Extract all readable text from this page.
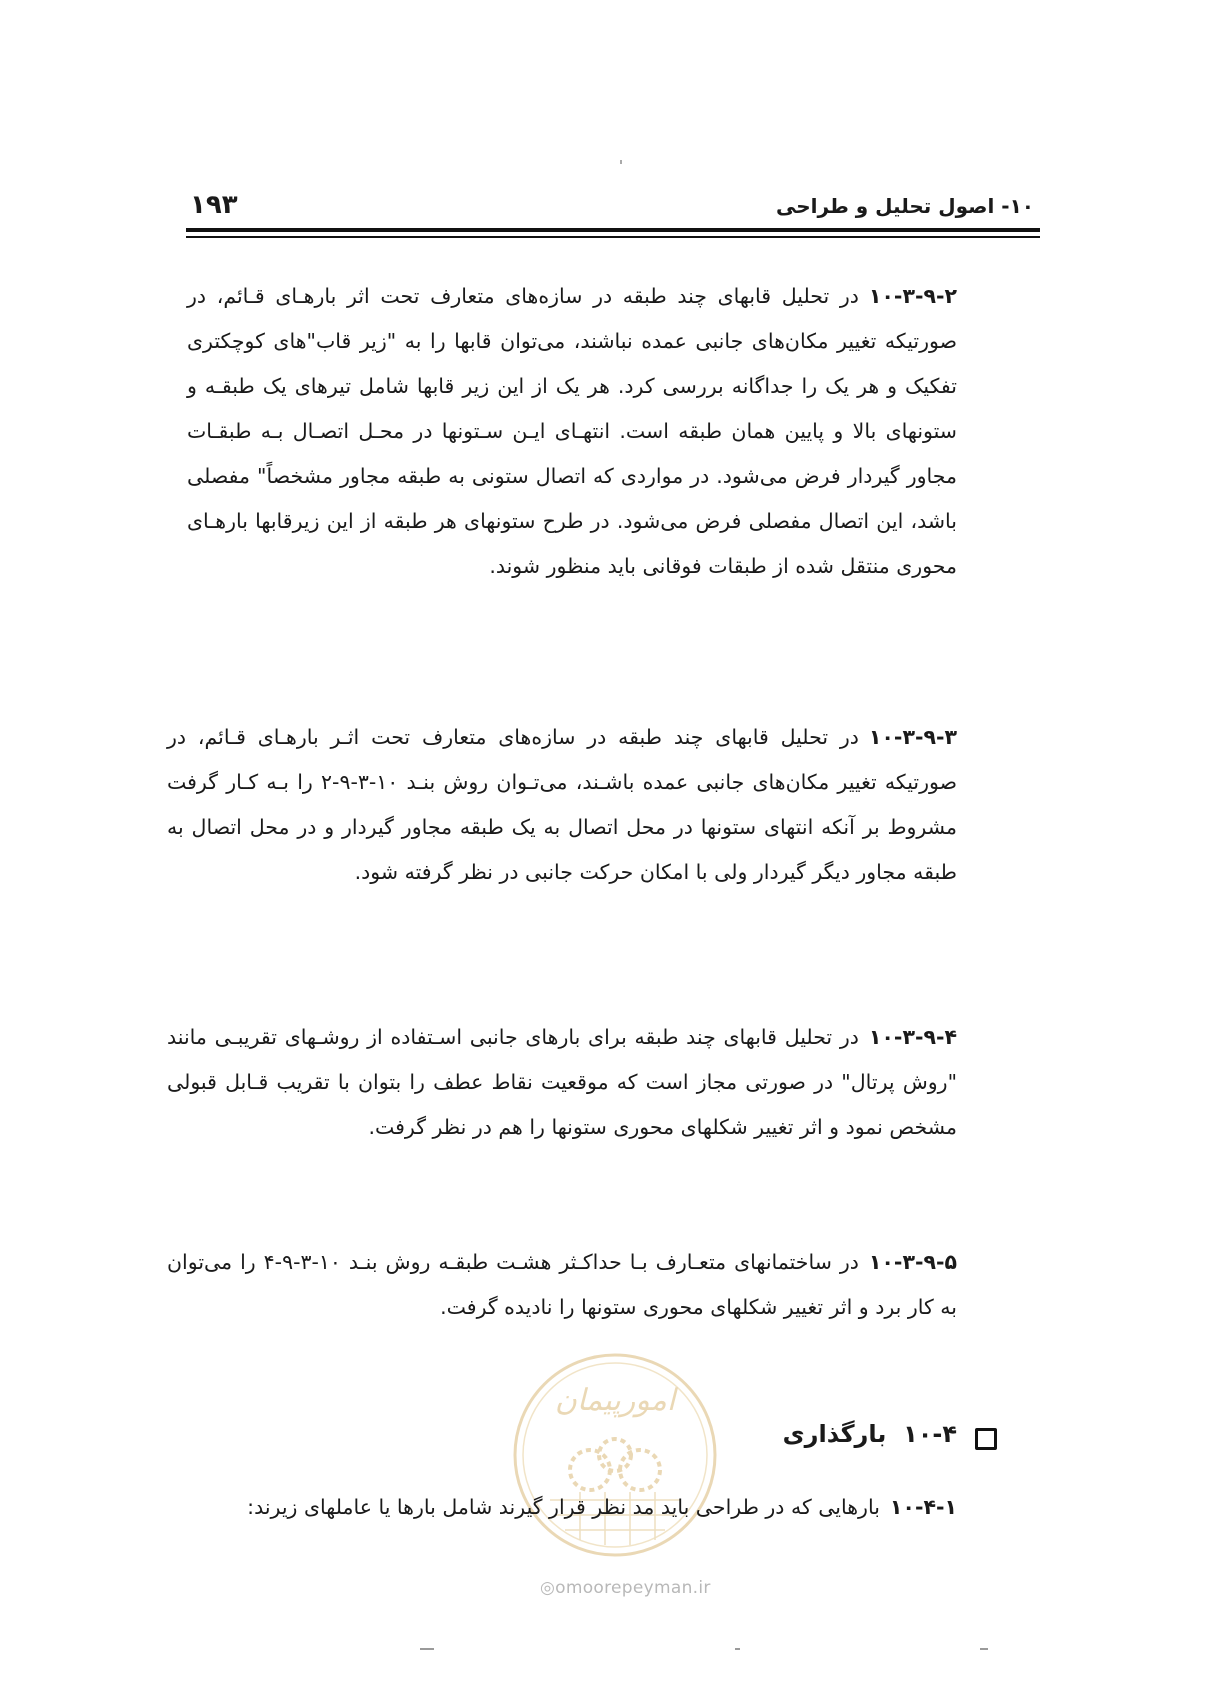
۱۹۳	۱۰- اصول تحلیل و طراحی
۱۰-۳-۹-۲در تحلیل قابهای چند طبقه در سازه‌های متعارف تحت اثر بارهـای قـائم، در صورتیکه تغییر مکان‌های جانبی عمده نباشند، می‌توان قابها را به "زیر قاب"های کوچکتری تفکیک و هر یک را جداگانه بررسی کرد. هر یک از این زیر قابها شامل تیرهای یک طبقـه و ستونهای بالا و پایین همان طبقه است. انتهـای ایـن سـتونها در محـل اتصـال بـه طبقـات مجاور گیردار فرض می‌شود. در مواردی که اتصال ستونی به طبقه مجاور مشخصاً" مفصلی باشد، این اتصال مفصلی فرض می‌شود. در طرح ستونهای هر طبقه از این زیرقابها بارهـای محوری منتقل شده از طبقات فوقانی باید منظور شوند.
۱۰-۳-۹-۳در تحلیل قابهای چند طبقه در سازه‌های متعارف تحت اثـر بارهـای قـائم، در صورتیکه تغییر مکان‌های جانبی عمده باشـند، می‌تـوان روش بنـد ۱۰-۳-۹-۲ را بـه کـار گرفت مشروط بر آنکه انتهای ستونها در محل اتصال به یک طبقه مجاور گیردار و در محل اتصال به طبقه مجاور دیگر گیردار ولی با امکان حرکت جانبی در نظر گرفته شود.
۱۰-۳-۹-۴در تحلیل قابهای چند طبقه برای بارهای جانبی اسـتفاده از روشـهای تقریبـی مانند "روش پرتال" در صورتی مجاز است که موقعیت نقاط عطف را بتوان با تقریب قـابل قبولی مشخص نمود و اثر تغییر شکلهای محوری ستونها را هم در نظر گرفت.
۱۰-۳-۹-۵در ساختمانهای متعـارف بـا حداکـثر هشـت طبقـه روش بنـد ۱۰-۳-۹-۴ را می‌توان به کار برد و اثر تغییر شکلهای محوری ستونها را نادیده گرفت.
امورپیمان
۱۰-۴  بارگذاری
۱۰-۴-۱بارهایی که در طراحی باید مد نظر قرار گیرند شامل بارها یا عاملهای زیرند:
◎omoorepeyman.ir
